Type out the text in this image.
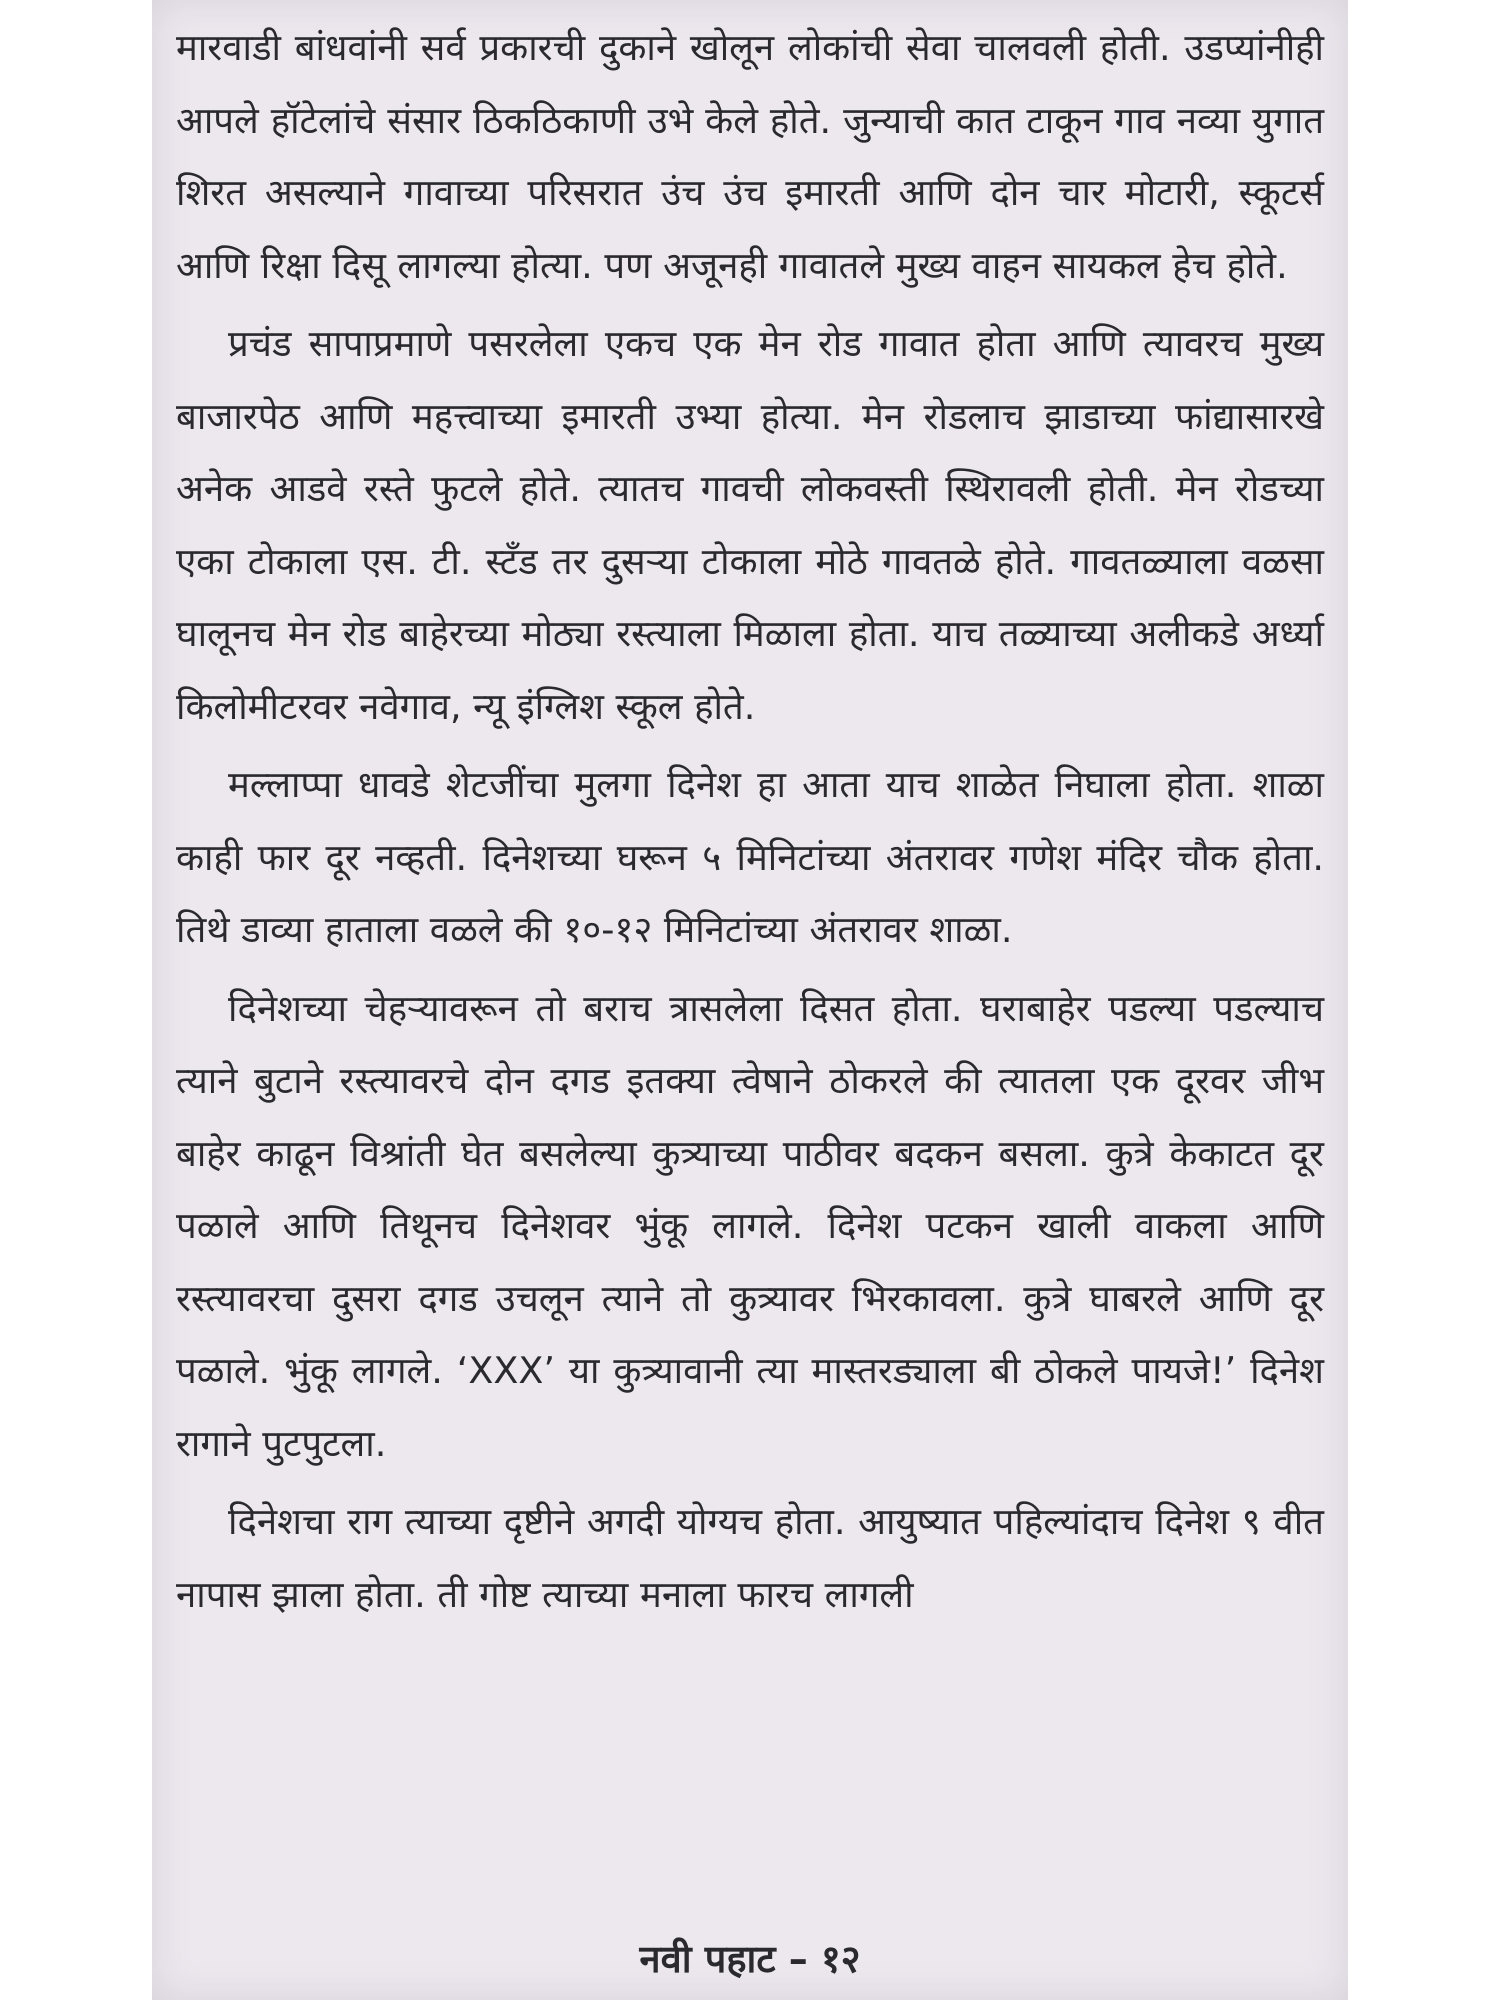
मारवाडी बांधवांनी सर्व प्रकारची दुकाने खोलून लोकांची सेवा चालवली होती. उडप्यांनीही आपले हॉटेलांचे संसार ठिकठिकाणी उभे केले होते. जुन्याची कात टाकून गाव नव्या युगात शिरत असल्याने गावाच्या परिसरात उंच उंच इमारती आणि दोन चार मोटारी, स्कूटर्स आणि रिक्षा दिसू लागल्या होत्या. पण अजूनही गावातले मुख्य वाहन सायकल हेच होते.

प्रचंड सापाप्रमाणे पसरलेला एकच एक मेन रोड गावात होता आणि त्यावरच मुख्य बाजारपेठ आणि महत्त्वाच्या इमारती उभ्या होत्या. मेन रोडलाच झाडाच्या फांद्यासारखे अनेक आडवे रस्ते फुटले होते. त्यातच गावची लोकवस्ती स्थिरावली होती. मेन रोडच्या एका टोकाला एस. टी. स्टँड तर दुसऱ्या टोकाला मोठे गावतळे होते. गावतळ्याला वळसा घालूनच मेन रोड बाहेरच्या मोठ्या रस्त्याला मिळाला होता. याच तळ्याच्या अलीकडे अर्ध्या किलोमीटरवर नवेगाव, न्यू इंग्लिश स्कूल होते.

मल्लाप्पा धावडे शेटजींचा मुलगा दिनेश हा आता याच शाळेत निघाला होता. शाळा काही फार दूर नव्हती. दिनेशच्या घरून ५ मिनिटांच्या अंतरावर गणेश मंदिर चौक होता. तिथे डाव्या हाताला वळले की १०-१२ मिनिटांच्या अंतरावर शाळा.

दिनेशच्या चेहऱ्यावरून तो बराच त्रासलेला दिसत होता. घराबाहेर पडल्या पडल्याच त्याने बुटाने रस्त्यावरचे दोन दगड इतक्या त्वेषाने ठोकरले की त्यातला एक दूरवर जीभ बाहेर काढून विश्रांती घेत बसलेल्या कुत्र्याच्या पाठीवर बदकन बसला. कुत्रे केकाटत दूर पळाले आणि तिथूनच दिनेशवर भुंकू लागले. दिनेश पटकन खाली वाकला आणि रस्त्यावरचा दुसरा दगड उचलून त्याने तो कुत्र्यावर भिरकावला. कुत्रे घाबरले आणि दूर पळाले. भुंकू लागले. ‘XXX’ या कुत्र्यावानी त्या मास्तरड्याला बी ठोकले पायजे!’ दिनेश रागाने पुटपुटला.

दिनेशचा राग त्याच्या दृष्टीने अगदी योग्यच होता. आयुष्यात पहिल्यांदाच दिनेश ९ वीत नापास झाला होता. ती गोष्ट त्याच्या मनाला फारच लागली

नवी पहाट – १२
